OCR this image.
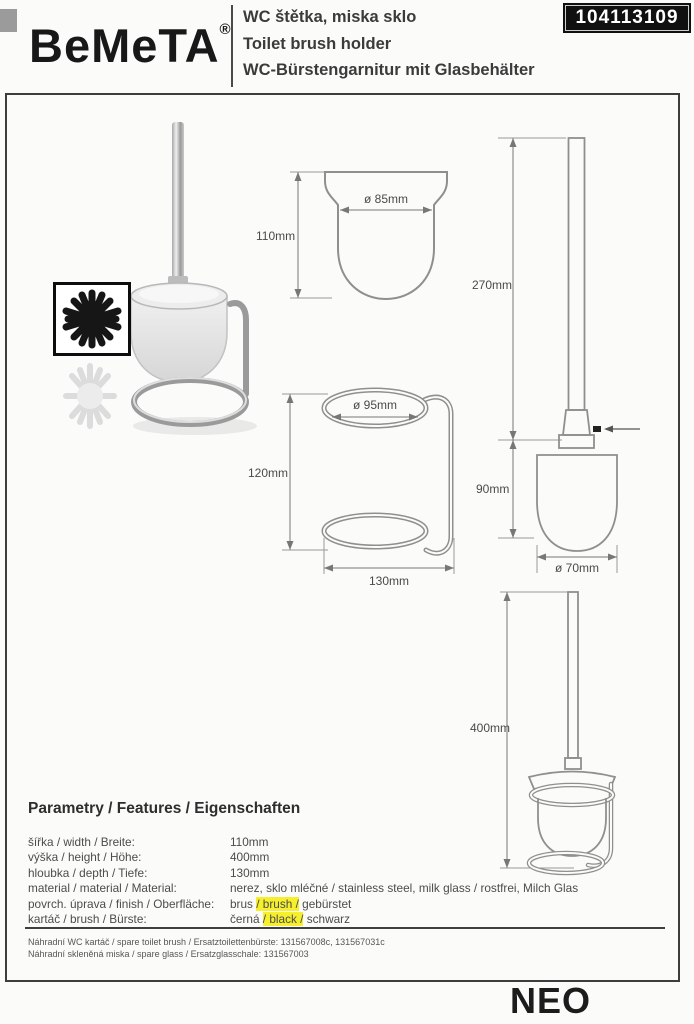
BeMeTA®
WC štětka, miska sklo
Toilet brush holder
WC-Bürstengarnitur mit Glasbehälter
104113109
110mm
ø 85mm
120mm
ø 95mm
130mm
270mm
90mm
ø 70mm
400mm
Parametry / Features / Eigenschaften
šířka / width / Breite:	110mm
výška / height / Höhe:	400mm
hloubka / depth / Tiefe:	130mm
material / material / Material:	nerez, sklo mléčné / stainless steel, milk glass / rostfrei, Milch Glas
povrch. úprava / finish / Oberfläche:	brus / brush / gebürstet
kartáč / brush / Bürste:	černá / black / schwarz
Náhradní WC kartáč / spare toilet brush / Ersatztoilettenbürste: 131567008c, 131567031c
Náhradní skleněná miska / spare glass / Ersatzglasschale: 131567003
NEO
